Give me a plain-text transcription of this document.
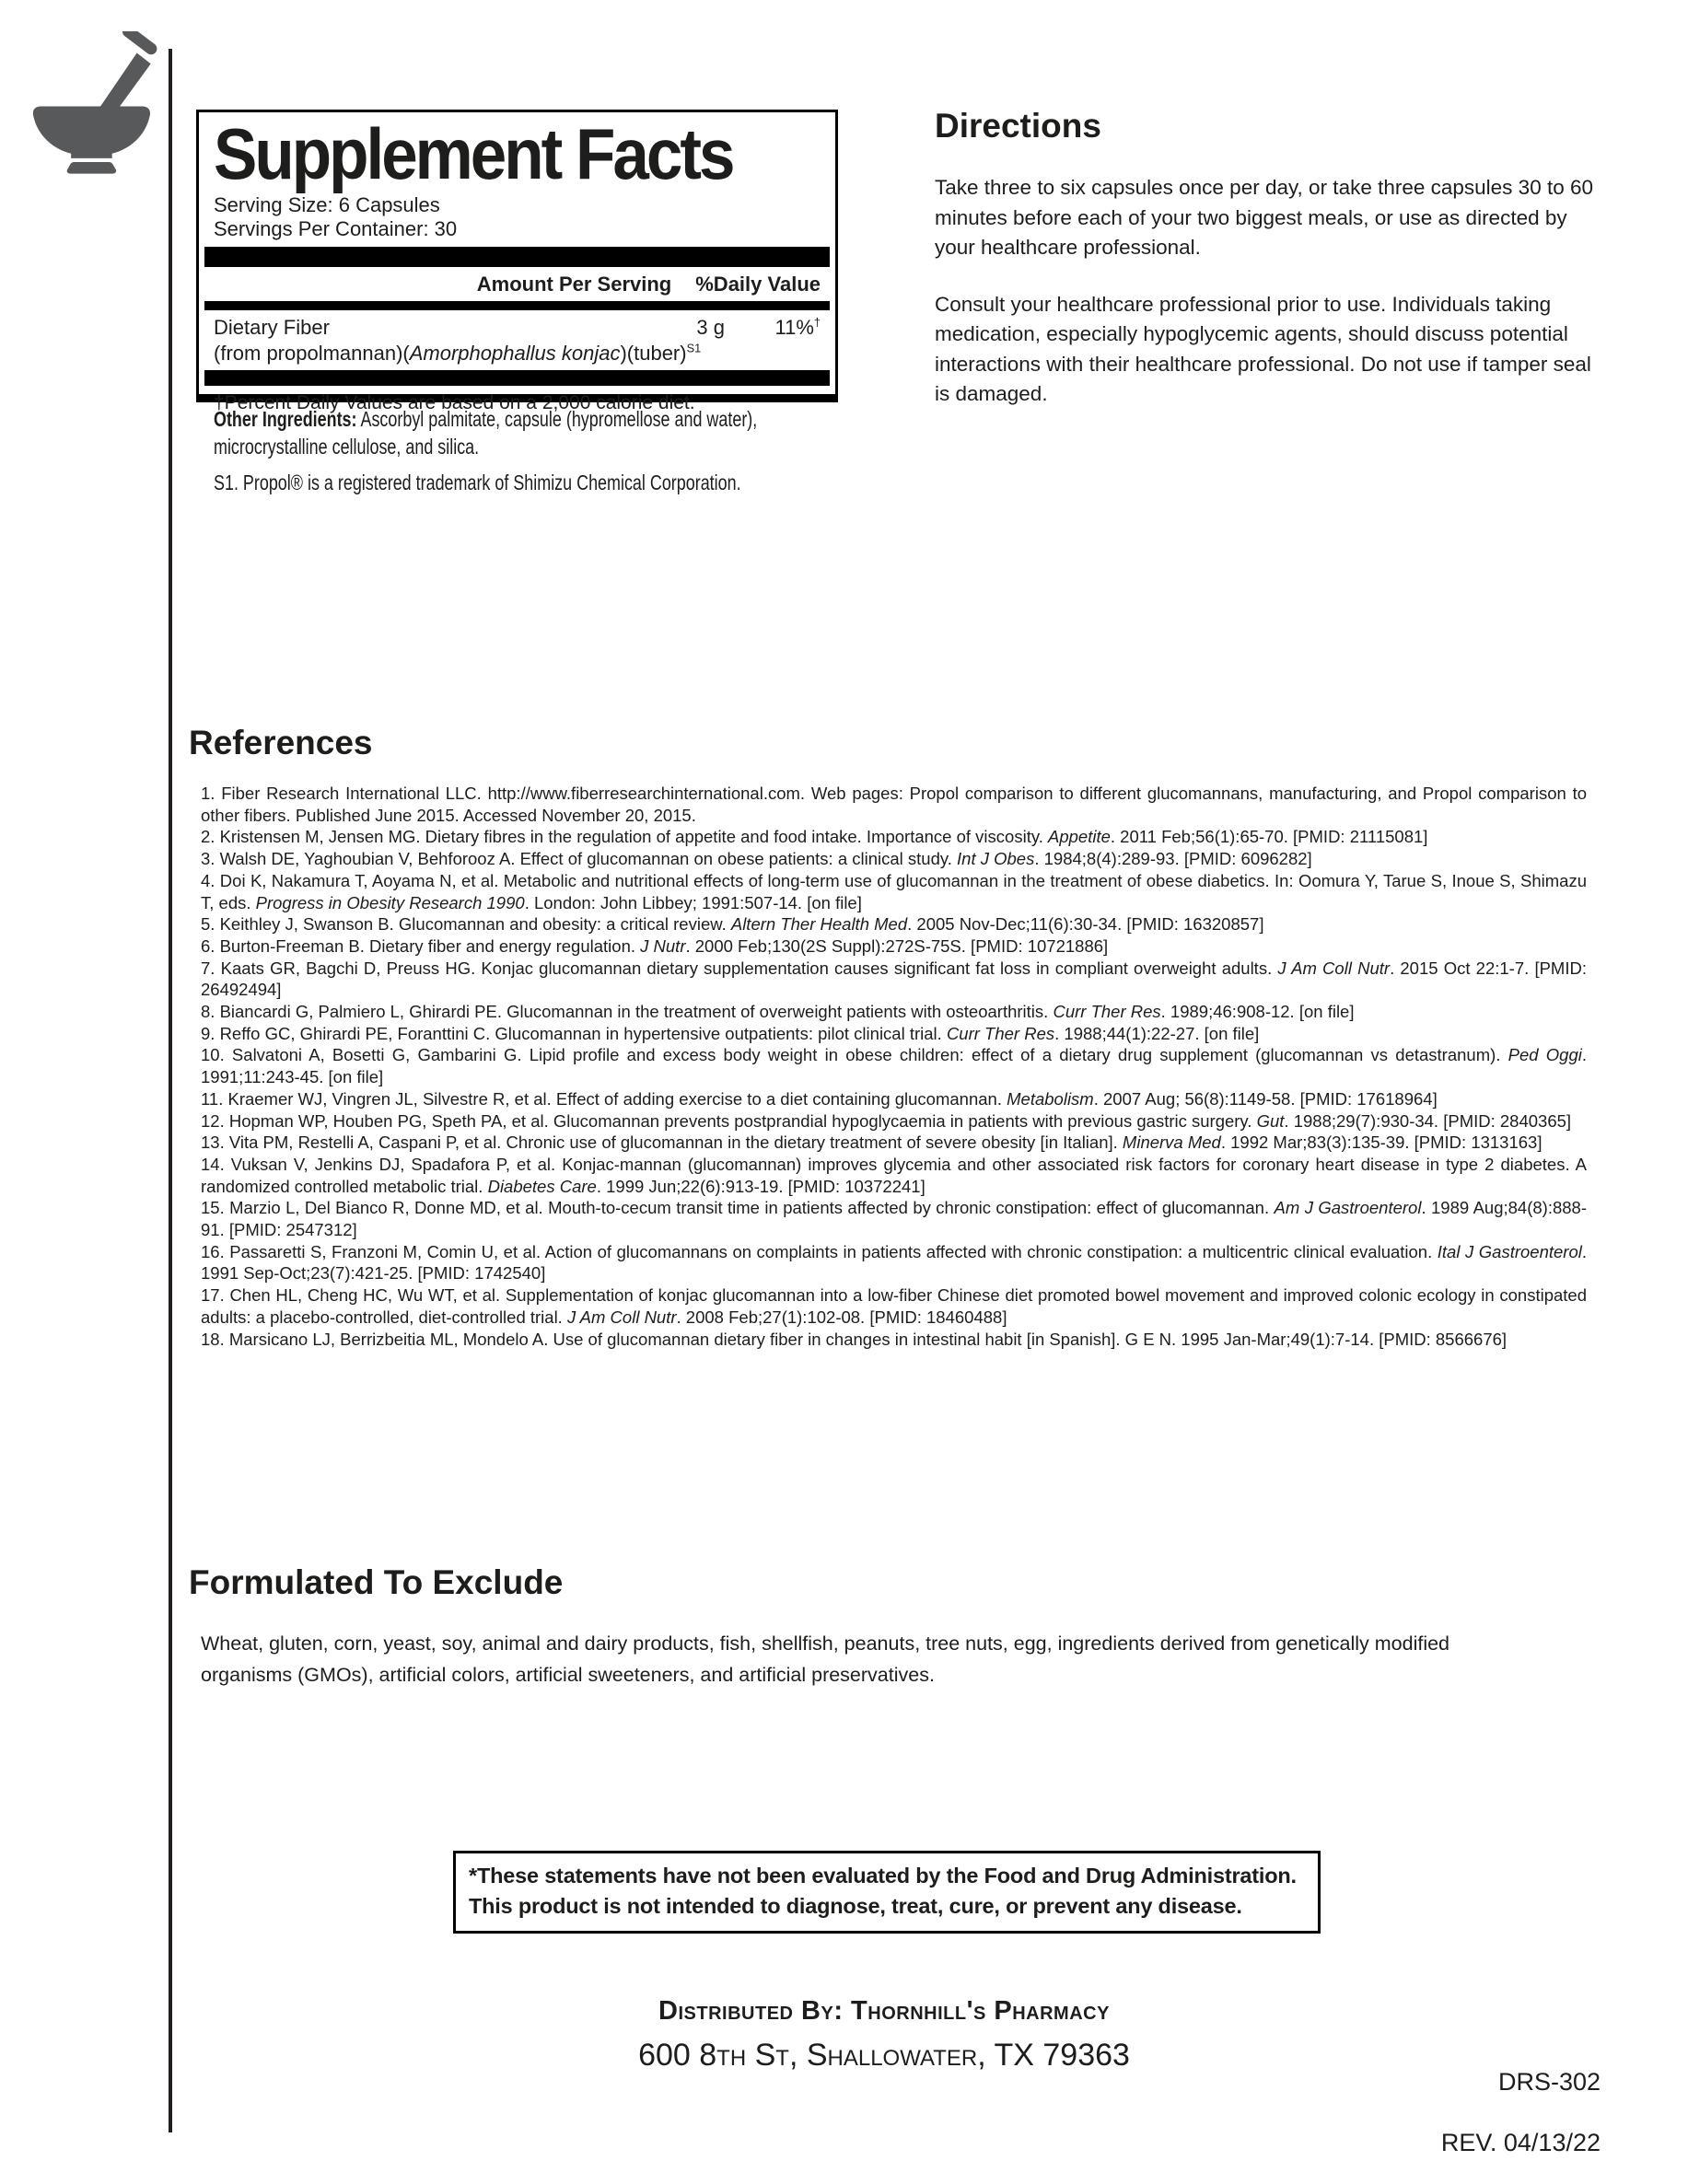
Supplement Facts
Serving Size: 6 Capsules
Servings Per Container: 30
Amount Per Serving %Daily Value
Dietary Fiber	3 g	11%†
(from propolmannan)(Amorphophallus konjac)(tuber)$^{S1}$
†Percent Daily Values are based on a 2,000 calorie diet.

Other Ingredients: Ascorbyl palmitate, capsule (hypromellose and water), microcrystalline cellulose, and silica.

S1. Propol® is a registered trademark of Shimizu Chemical Corporation.

Directions

Take three to six capsules once per day, or take three capsules 30 to 60 minutes before each of your two biggest meals, or use as directed by your healthcare professional.

Consult your healthcare professional prior to use. Individuals taking medication, especially hypoglycemic agents, should discuss potential interactions with their healthcare professional. Do not use if tamper seal is damaged.

References

1. Fiber Research International LLC. http://www.fiberresearchinternational.com. Web pages: Propol comparison to different glucomannans, manufacturing, and Propol comparison to other fibers. Published June 2015. Accessed November 20, 2015.

2. Kristensen M, Jensen MG. Dietary fibres in the regulation of appetite and food intake. Importance of viscosity. Appetite. 2011 Feb;56(1):65-70. [PMID: 21115081]

3. Walsh DE, Yaghoubian V, Behforooz A. Effect of glucomannan on obese patients: a clinical study. Int J Obes. 1984;8(4):289-93. [PMID: 6096282]

4. Doi K, Nakamura T, Aoyama N, et al. Metabolic and nutritional effects of long-term use of glucomannan in the treatment of obese diabetics. In: Oomura Y, Tarue S, Inoue S, Shimazu T, eds. Progress in Obesity Research 1990. London: John Libbey; 1991:507-14. [on file]

5. Keithley J, Swanson B. Glucomannan and obesity: a critical review. Altern Ther Health Med. 2005 Nov-Dec;11(6):30-34. [PMID: 16320857]

6. Burton-Freeman B. Dietary fiber and energy regulation. J Nutr. 2000 Feb;130(2S Suppl):272S-75S. [PMID: 10721886]

7. Kaats GR, Bagchi D, Preuss HG. Konjac glucomannan dietary supplementation causes significant fat loss in compliant overweight adults. J Am Coll Nutr. 2015 Oct 22:1-7. [PMID: 26492494]

8. Biancardi G, Palmiero L, Ghirardi PE. Glucomannan in the treatment of overweight patients with osteoarthritis. Curr Ther Res. 1989;46:908-12. [on file]

9. Reffo GC, Ghirardi PE, Foranttini C. Glucomannan in hypertensive outpatients: pilot clinical trial. Curr Ther Res. 1988;44(1):22-27. [on file]

10. Salvatoni A, Bosetti G, Gambarini G. Lipid profile and excess body weight in obese children: effect of a dietary drug supplement (glucomannan vs detastranum). Ped Oggi. 1991;11:243-45. [on file]

11. Kraemer WJ, Vingren JL, Silvestre R, et al. Effect of adding exercise to a diet containing glucomannan. Metabolism. 2007 Aug; 56(8):1149-58. [PMID: 17618964]

12. Hopman WP, Houben PG, Speth PA, et al. Glucomannan prevents postprandial hypoglycaemia in patients with previous gastric surgery. Gut. 1988;29(7):930-34. [PMID: 2840365]

13. Vita PM, Restelli A, Caspani P, et al. Chronic use of glucomannan in the dietary treatment of severe obesity [in Italian]. Minerva Med. 1992 Mar;83(3):135-39. [PMID: 1313163]

14. Vuksan V, Jenkins DJ, Spadafora P, et al. Konjac-mannan (glucomannan) improves glycemia and other associated risk factors for coronary heart disease in type 2 diabetes. A randomized controlled metabolic trial. Diabetes Care. 1999 Jun;22(6):913-19. [PMID: 10372241]

15. Marzio L, Del Bianco R, Donne MD, et al. Mouth-to-cecum transit time in patients affected by chronic constipation: effect of glucomannan. Am J Gastroenterol. 1989 Aug;84(8):888-91. [PMID: 2547312]

16. Passaretti S, Franzoni M, Comin U, et al. Action of glucomannans on complaints in patients affected with chronic constipation: a multicentric clinical evaluation. Ital J Gastroenterol. 1991 Sep-Oct;23(7):421-25. [PMID: 1742540]

17. Chen HL, Cheng HC, Wu WT, et al. Supplementation of konjac glucomannan into a low-fiber Chinese diet promoted bowel movement and improved colonic ecology in constipated adults: a placebo-controlled, diet-controlled trial. J Am Coll Nutr. 2008 Feb;27(1):102-08. [PMID: 18460488]

18. Marsicano LJ, Berrizbeitia ML, Mondelo A. Use of glucomannan dietary fiber in changes in intestinal habit [in Spanish]. G E N. 1995 Jan-Mar;49(1):7-14. [PMID: 8566676]

Formulated To Exclude

Wheat, gluten, corn, yeast, soy, animal and dairy products, fish, shellfish, peanuts, tree nuts, egg, ingredients derived from genetically modified organisms (GMOs), artificial colors, artificial sweeteners, and artificial preservatives.

*These statements have not been evaluated by the Food and Drug Administration.

This product is not intended to diagnose, treat, cure, or prevent any disease.

Distributed By: Thornhill's Pharmacy
600 8th St, Shallowater, TX 79363
DRS-302
REV. 04/13/22
